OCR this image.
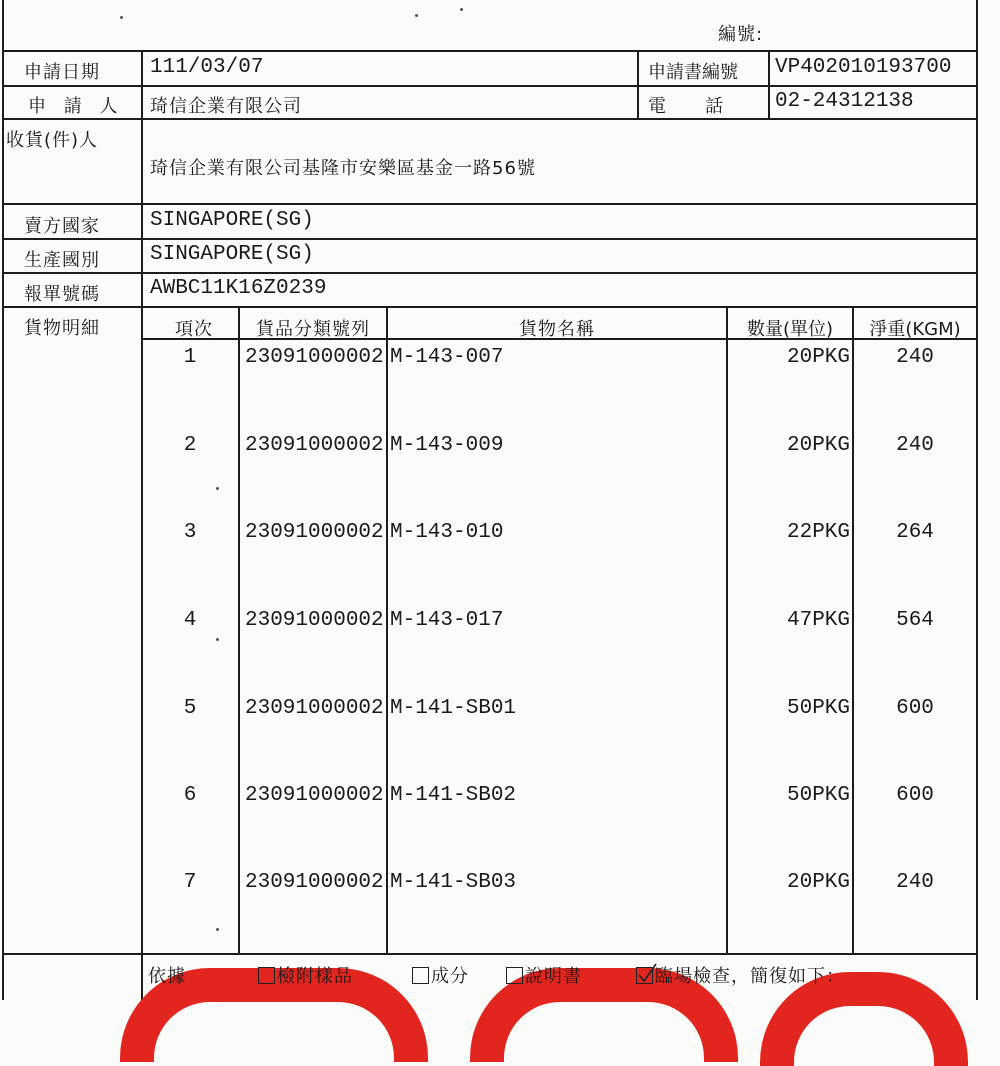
編號:
申請日期 111/03/07	申請書編號 VP402010193700
申 請 人 琦信企業有限公司	電　　話 02-24312138
收貨(件)人
琦信企業有限公司基隆市安樂區基金一路56號
賣方國家 SINGAPORE(SG)
生產國別 SINGAPORE(SG)
報單號碼 AWBC11K16Z0239
貨物明細	項次	貨品分類號列	貨物名稱	數量(單位)	淨重(KGM)
1 23091000002 M-143-007	20PKG	240
2 23091000002 M-143-009	20PKG	240
3 23091000002 M-143-010	22PKG	264
4 23091000002 M-143-017	47PKG	564
5 23091000002 M-141-SB01	50PKG	600
6 23091000002 M-141-SB02	50PKG	600
7 23091000002 M-141-SB03	20PKG	240
依據	檢附樣品	成分	說明書	臨場檢查，簡復如下：
